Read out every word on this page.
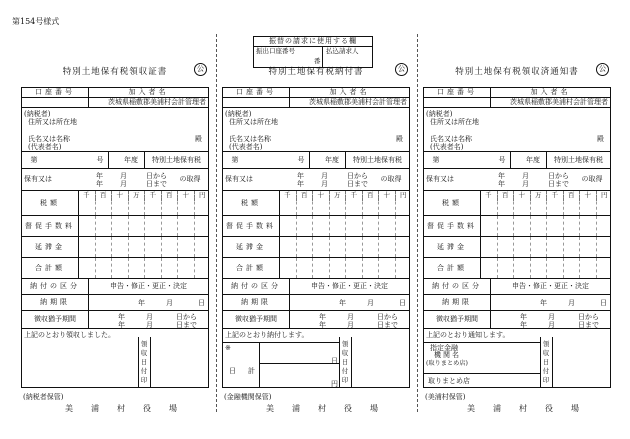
第154号様式
振替の請求に使用する欄
振出口座番号	払込請求人
番
特別土地保有税領収証書	公
口座番号	加入者名
茨城県稲敷郡美浦村会計管理者
(納税者)
住所又は所在地
氏名又は名称
(代表者名)
殿
第	号	年度	特別土地保有税
保有又は	年 月	日から
年 月	日まで
の取得
税額
千	百	十	万	千	百	十	円
督促手数料
延滞金
合計額
納付の区分	申告・修正・更正・決定
納期限	年	月	日
徴収猶予期間	年	月	日から
年	月	日まで
上記のとおり領収しました。
領
収
日
付
印
(納税者保管)
美浦村役場
特別土地保有税納付書	公
口座番号	加入者名
茨城県稲敷郡美浦村会計管理者
(納税者)
住所又は所在地
氏名又は名称
(代表者名)
殿
第	号	年度	特別土地保有税
保有又は	年 月	日から
年 月	日まで
の取得
税額
千	百	十	万	千	百	十	円
督促手数料
延滞金
合計額
納付の区分	申告・修正・更正・決定
納期限	年	月	日
徴収猶予期間	年	月	日から
年	月	日まで
上記のとおり納付します。
領
収
日
付
印
※
日計
日
円
(金融機関保管)
美浦村役場
特別土地保有税領収済通知書	公
口座番号	加入者名
茨城県稲敷郡美浦村会計管理者
(納税者)
住所又は所在地
氏名又は名称
(代表者名)
殿
第	号	年度	特別土地保有税
保有又は	年 月	日から
年 月	日まで
の取得
税額
千	百	十	万	千	百	十	円
督促手数料
延滞金
合計額
納付の区分	申告・修正・更正・決定
納期限	年	月	日
徴収猶予期間	年	月	日から
年	月	日まで
上記のとおり通知します。
領
収
日
付
印
指定金融
機関名
(取りまとめ店)
取りまとめ店
(美浦村保管)
美浦村役場
